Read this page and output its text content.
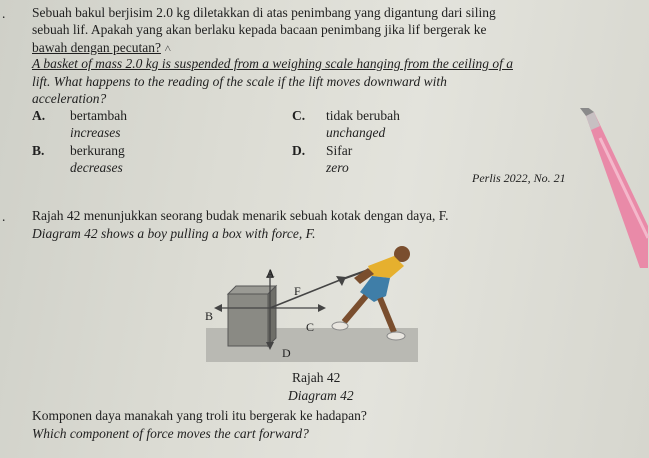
. Sebuah bakul berjisim 2.0 kg diletakkan di atas penimbang yang digantung dari siling
sebuah lif. Apakah yang akan berlaku kepada bacaan penimbang jika lif bergerak ke
bawah dengan pecutan? ˄
A basket of mass 2.0 kg is suspended from a weighing scale hanging from the ceiling of a
lift. What happens to the reading of the scale if the lift moves downward with
acceleration?
A. bertambah
increases
B. berkurang
decreases
C. tidak berubah
unchanged
D. Sifar
zero
Perlis 2022, No. 21
. Rajah 42 menunjukkan seorang budak menarik sebuah kotak dengan daya, F.
Diagram 42 shows a boy pulling a box with force, F.
A
B
C
D
F
Rajah 42
Diagram 42
Komponen daya manakah yang troli itu bergerak ke hadapan?
Which component of force moves the cart forward?
